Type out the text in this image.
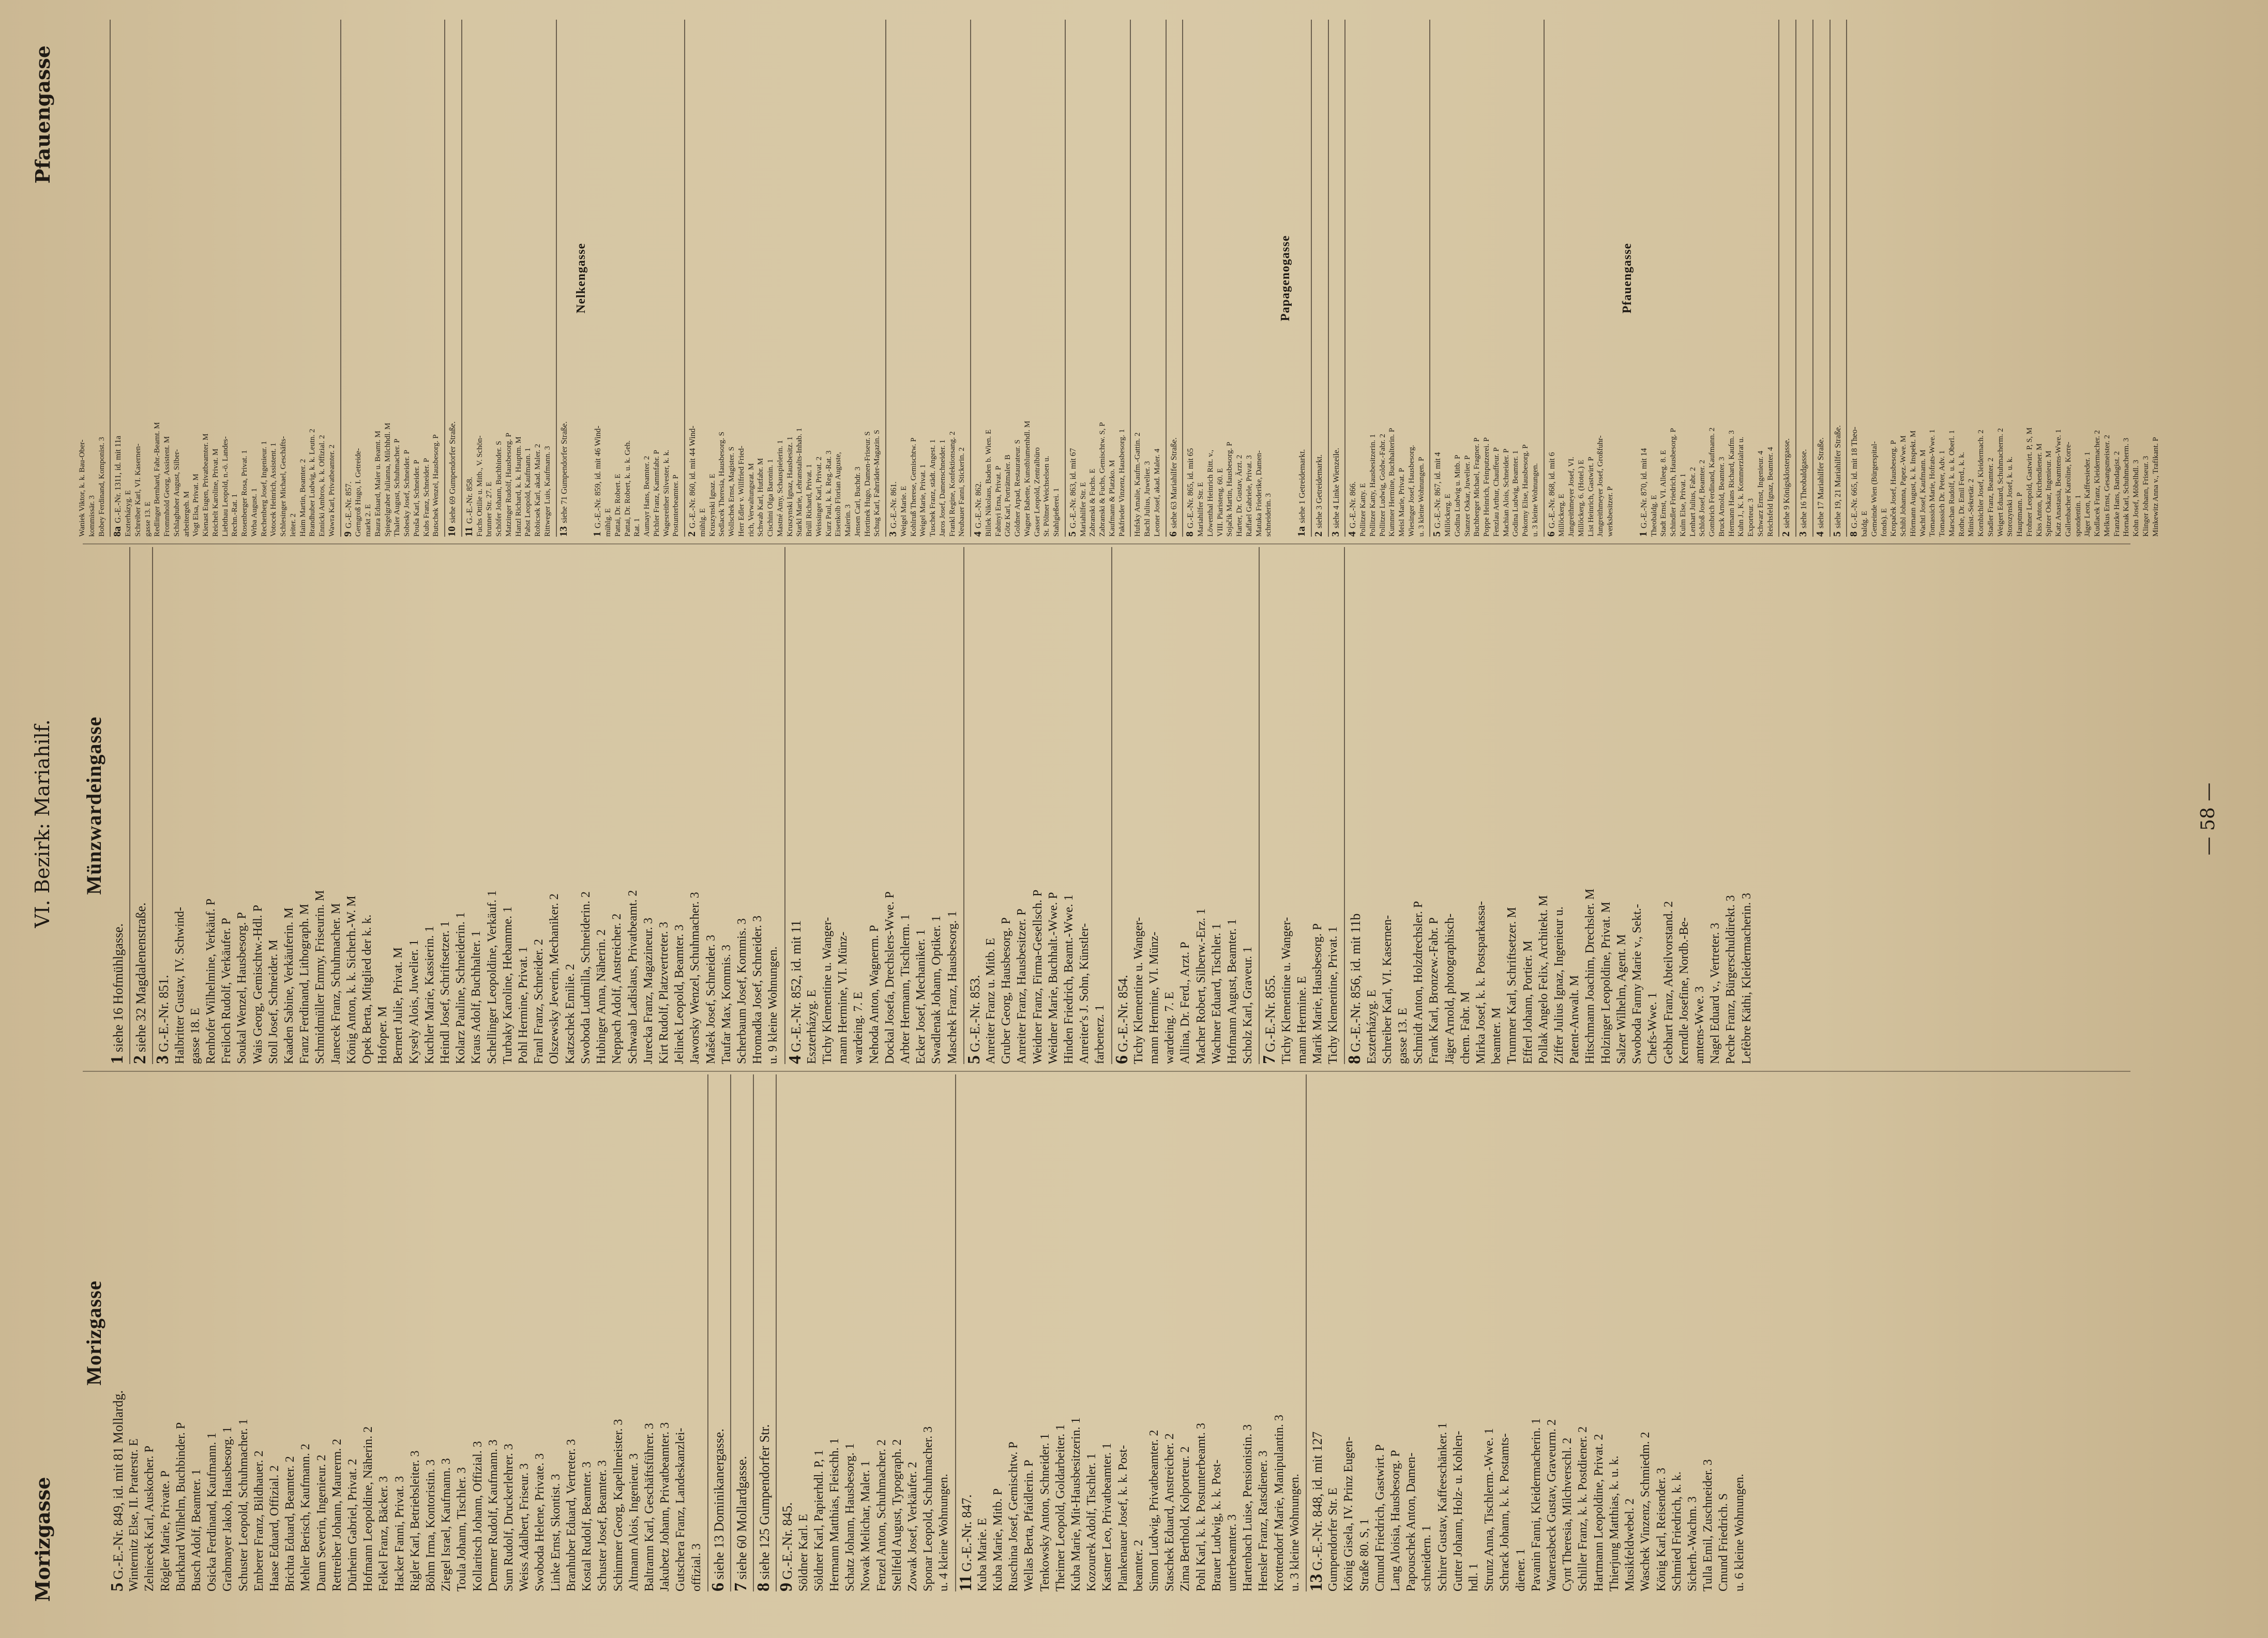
Morizgasse
VI. Bezirk: Mariahilf.
Pfauengasse
Morizgasse
5G.-E.-Nr. 849, id. mit 81 Mollardg. Winternitz Else, II. Praterstr. E Zelniecek Karl, Auskocher. P Rögler Marie, Private. P Burkhard Wilhelm, Buchbinder. P Busch Adolf, Beamter. 1 Osicka Ferdinand, Kaufmann. 1 Grabmayer Jakob, Hausbesorg. 1 Schuster Leopold, Schuhmacher. 1 Emberer Franz, Bildhauer. 2 Haase Eduard, Offizial. 2 Brichta Eduard, Beamter. 2 Mehler Berisch, Kaufmann. 2 Daum Severin, Ingenieur. 2 Rettreiber Johann, Maurerm. 2 Dürheim Gabriel, Privat. 2 Hofmann Leopoldine, Näherin. 2 Felkel Franz, Bäcker. 3 Hacker Fanni, Privat. 3 Rigler Karl, Betriebsleiter. 3 Böhm Irma, Kontoristin. 3 Ziegel Israel, Kaufmann. 3 Toula Johann, Tischler. 3 Kollaritsch Johann, Offizial. 3 Demmer Rudolf, Kaufmann. 3 Sum Rudolf, Druckerlehrer. 3 Weiss Adalbert, Friseur. 3 Swoboda Helene, Private. 3 Linke Ernst, Skontist. 3 Branhuber Eduard, Vertreter. 3 Kostal Rudolf, Beamter. 3 Schuster Josef, Beamter. 3 Schimmer Georg, Kapellmeister. 3 Altmann Alois, Ingenieur. 3 Baltramn Karl, Geschäftsführer. 3 Jakubetz Johann, Privatbeamter. 3 Gutschera Franz, Landeskanzlei- offizial. 3 6siehe 13 Dominikanergasse.
7siehe 60 Mollardgasse.
8siehe 125 Gumpendorfer Str.
9G.-E.-Nr. 845. Söldner Karl. E Söldner Karl, Papierhdl. P, 1 Hermann Matthias, Fleischh. 1 Schatz Johann, Hausbesorg. 1 Nowak Melichar, Maler. 1 Fenzel Anton, Schuhmacher. 2 Stellfeld August, Typograph. 2 Zowak Josef, Verkäufer. 2 Sponar Leopold, Schuhmacher. 3 u. 4 kleine Wohnungen. 11G.-E.-Nr. 847. Kuba Marie. E Kuba Marie, Mitb. P Ruschina Josef, Gemischtw. P Wellas Berta, Pfaidlerin. P Tenkowsky Anton, Schneider. 1 Theimer Leopold, Goldarbeiter. 1 Kuba Marie, Mit-Hausbesitzerin. 1 Kozourek Adolf, Tischler. 1 Kastner Leo, Privatbeamter. 1 Plankenauer Josef, k. k. Post- beamter. 2 Simon Ludwig, Privatbeamter. 2 Staschek Eduard, Anstreicher. 2 Zima Berthold, Kolporteur. 2 Pohl Karl, k. k. Postunterbeamt. 3 Brauer Ludwig, k. k. Post- unterbeamter. 3 Hartenbach Luise, Pensionistin. 3 Hensler Franz, Ratsdiener. 3 Krottendorf Marie, Manipulantin. 3 u. 3 kleine Wohnungen. 13G.-E.-Nr. 848, id. mit 127 Gumpendorfer Str. E König Gisela, IV. Prinz Eugen- Straße 80. S, 1 Cmund Friedrich, Gastwirt. P Lang Aloisia, Hausbesorg. P Papouschek Anton, Damen- schneidern. 1 Schirer Gustav, Kaffeeschänker. 1 Gutter Johann, Holz- u. Kohlen- hdl. 1 Strunz Anna, Tischlerm.-Wwe. 1 Schrack Johann, k. k. Postamts- diener. 1 Pavanin Fanni, Kleidermacherin. 1 Wanerasbeck Gustav, Graveurm. 2 Cynt Theresia, Milchverschl. 2 Schiller Franz, k. k. Postdiener. 2 Hartmann Leopoldine, Privat. 2 Thierjung Matthias, k. u. k. Musikfeldwebel. 2 Waschek Vinzenz, Schmiedm. 2 König Karl, Reisender. 3 Schmied Friedrich, k. k. Sicherh.-Wachm. 3 Tulla Emil, Zuschneider. 3 Cmund Friedrich. S u. 6 kleine Wohnungen.
Münzwardeingasse
1siehe 16 Hofmühlgasse.
2siehe 32 Magdalenenstraße.
3G.-E.-Nr. 851. Halbritter Gustav, IV. Schwind- gasse 18. E Renhofer Wilhelmine, Verkäuf. P Freiloch Rudolf, Verkäufer. P Soukal Wenzel, Hausbesorg. P Wais Georg, Gemischtw.-Hdl. P Stoll Josef, Schneider. M Kaaden Sabine, Verkäuferin. M Franz Ferdinand, Lithograph. M Schmidmüller Emmy, Friseurin. M Janecek Franz, Schuhmacher. M König Anton, k. k. Sicherh.-W. M Opek Berta, Mitglied der k. k. Hofoper. M Bernert Julie, Privat. M Kysely Alois, Juwelier. 1 Kuchler Marie, Kassierin. 1 Heindl Josef, Schriftsetzer. 1 Kolarz Pauline, Schneiderin. 1 Kraus Adolf, Buchhalter. 1 Schellinger Leopoldine, Verkäuf. 1 Turbaky Karoline, Hebamme. 1 Pohl Hermine, Privat. 1 Franl Franz, Schneider. 2 Olszewsky Jeverin, Mechaniker. 2 Katzschek Emilie. 2 Swoboda Ludmilla, Schneiderin. 2 Hubinger Anna, Näherin. 2 Neppach Adolf, Anstreicher. 2 Schwaab Ladislaus, Privatbeamt. 2 Jurecka Franz, Magazineur. 3 Kirt Rudolf, Platzvertreter. 3 Jelinek Leopold, Beamter. 3 Jaworsky Wenzel, Schuhmacher. 3 Mašek Josef, Schneider. 3 Taufar Max, Kommis. 3 Scherbaum Josef, Kommis. 3 Hromadka Josef, Schneider. 3 u. 9 kleine Wohnungen. 4G.-E.-Nr. 852, id. mit 11 Eszterházyg. E Tichy Klementine u. Wanger- mann Hermine, VI. Münz- wardeing. 7. E Nehoda Anton, Wagnerm. P Dockal Josefa, Drechslers-Wwe. P Arbter Hermann, Tischlerm. 1 Ecker Josef, Mechaniker. 1 Swadlenak Johann, Optiker. 1 Maschek Franz, Hausbesorg. 1 5G.-E.-Nr. 853. Anreiter Franz u. Mitb. E Gruber Georg, Hausbesorg. P Anreiter Franz, Hausbesitzer. P Weidner Franz, Firma-Gesellsch. P Weidner Marie, Buchhalt.-Wwe. P Hinden Friedrich, Beamt.-Wwe. 1 Anreiter's J. Sohn, Künstler- farbenerz. 1 6G.-E.-Nr. 854. Tichy Klementine u. Wanger- mann Hermine, VI. Münz- wardeing. 7. E Allina, Dr. Ferd., Arzt. P Macher Robert, Silberw.-Erz. 1 Wachner Eduard, Tischler. 1 Hofmann August, Beamter. 1 Scholz Karl, Graveur. 1 7G.-E.-Nr. 855. Tichy Klementine u. Wanger- mann Hermine. E Marik Marie, Hausbesorg. P Tichy Klementine, Privat. 1 8G.-E.-Nr. 856, id. mit 11b Eszterházyg. E Schreiber Karl, VI. Kasernen- gasse 13. E Schmidt Anton, Holzdrechsler. P Frank Karl, Bronzew.-Fabr. P Jäger Arnold, photographisch- chem. Fabr. M Mirka Josef, k. k. Postsparkassa- beamter. M Trummer Karl, Schriftsetzer. M Efferl Johann, Portier. M Pollak Angelo Felix, Architekt. M Ziffer Julius Ignaz, Ingenieur u. Patent-Anwalt. M Hitschmann Joachim, Drechsler. M Holzinger Leopoldine, Privat. M Salzer Wilhelm, Agent. M Swoboda Fanny Marie v., Sekt.- Chefs-Wwe. 1 Gebhart Franz, Abteilvorstand. 2 Kerndle Josefine, Nordb.-Be- amtens-Wwe. 3 Nagel Eduard v., Vertreter. 3 Peche Franz, Bürgerschuldirekt. 3 Lefèbre Käthi, Kleidermacherin. 3
Waniek Viktor, k. k. Bau-Ober- kommissär. 3 Bobey Ferdinand, Komponist. 3 8aG.-E.-Nr. 1311, id. mit 11a Eszterházyg. E Schreiber Karl, VI. Kasernen- gasse 13. E Redlinger Bernhard, Fabr.-Beamt. M Frommhold Georg, Assistent. M Schlaghuber August, Silber- arbeitergeh. M Vogt Elsa, Privat. M Kienast Eugen, Privatbeamter. M Reichelt Karoline, Privat. M Liebthau Leopold, n.-ö. Landes- Rechn.-Rat. 1 Rosenberger Rosa, Privat. 1 Wrba August. 1 Rechenberg Josef, Ingenieur. 1 Votocek Heinrich, Assistent. 1 Schlesinger Michael, Geschäfts- leiter. 2 Haim Martin, Beamter. 2 Brandhuber Ludwig, k. k. Leutn. 2 Ennicki Ambros, k. k. Offizial. 2 Wawra Karl, Privatbeamter. 2 9G.-E.-Nr. 857. Gerngroß Hugo, I. Getreide- markt 2. E Baura Eduard, Maler u. Beamt. M Spiegelgraber Julianna, Milchhdl. M Thaler August, Schuhmacher. P Sobesky Josef, Schneider. P Pouša Karl, Schneider. P Kubs Franz, Schneider. P Butschek Wenzel, Hausbesorg. P 10siehe 69 Gumpendorfer Straße.
11G.-E.-Nr. 858. Fuchs Ottilie u. Mitb., V. Schön- brunner Str. 27. E Schöfer Johann, Buchbinder. S Matzinger Rudolf, Hausbesorg. P Hanzl Richard, k. k. Hauptm. M Pabst Leopold, Kaufmann. 1 Robicsek Karl, akad. Maler. 2 Rittweger Luis, Kaufmann. 3 13siehe 71 Gumpendorfer Straße.
Nelkengasse
1G.-E.-Nr. 859, id. mit 46 Wind- mühlg. E Pattai, Dr. Robert. E Pattai, Dr. Robert, k. u. k. Geh. Rat. 1 Aumayr Hans, Beamter. 2 Pichler Franz, Kammfabr. P Wagesreither Silvester, k. k. Postunterbeamter. P 2G.-E.-Nr. 860, id. mit 44 Wind- mühlg. E Kruszynski Ignaz. E Sedlacek Theresia, Hausbesorg. S Wollschek Ernst, Magister. S Herr Edler v. Willfried Fried- rich, Verwaltungsrat. M Schwab Karl, Hutfabr. M Cischini Olga Baronin. 1 Mastné Amy, Schauspielerin. 1 Kruszynski Ignaz, Hausbesitz. 1 Starkl Marie, Lehranstalts-Inhab. 1 Brüll Richard, Privat. 1 Weissinger Karl, Privat. 2 Kurz Paul, k. k. Reg.-Rat. 3 Eisenkolb Florian Auguste, Malerin. 3 Jensen Carl, Buchdr. 3 Hortinek Hugo, Damen-Friseur. S Schug Karl, Fahrräder-Magazin. S 3G.-E.-Nr. 861. Weigel Marie. E Kohlruß Therese, Gemischtw. P Weigel Marie, Privat. 1 Tuschek Franz, städt. Angest. 1 Jaros Josef, Damenschneider. 1 Frankl Regine, Konfektionsang. 2 Neubauer Fanni, Stickerin. 2 4G.-E.-Nr. 862. Billek Nikolaus, Baden b. Wien. E Fabinyi Erna, Privat. P Götz Karl, Porträtmaler. B Goldner Arpad, Restaurateur. S Wagner Babette, Kunstblumenhdl. M Gasser Leopold, Zentralbüro St. Pöltner Weichselsen u. Stahlgießerei. 1 5G.-E.-Nr. 863, id. mit 67 Mariahilfer Str. E Zabranski & Fuchs. E Zabranski & Fuchs, Gemischtw. S, P Kaufmann & Platzko. M Pakfrieder Vinzenz, Hausbesorg. 1 Hufsky Amalie, Kaufm.-Gattin. 2 Bachl Julius, Juwelier. 3 Leoner Josef, akad. Maler. 4 6siehe 63 Mariahilfer Straße.
8G.-E.-Nr. 865, id. mit 65 Mariahilfer Str. E Löwenthal Heinrich Ritt. v., VIII. Piaristeng. 60. E Sojačik Martin, Hausbesorg. P Harter, Dr. Gustav, Ärzt. 2 Raffael Gabriele, Privat. 3 Matuka Friederike, Damen- schneiderin. 3
Papagenogasse
1asiehe 1 Getreidemarkt.
2siehe 3 Getreidemarkt.
3siehe 4 Linke Wienzeile.
4G.-E.-Nr. 866. Pollitzer Katty. E Pollitzer Katty, Hausbesitzerin. 1 Pollitzer Ludwig, Goldw.-Fabr. 2 Kummer Hermine, Buchhalterin. P Meisl Marie, Privat. P Wiesinger Josef, Hausbesorg. u. 3 kleine Wohnungen. P 5G.-E.-Nr. 867, id. mit 4 Millöckerg. E Godina Ludwig u. Mitb. P Stanzer Oskar, Juwelier. P Buchberger Michael, Fragner. P Poppe Heinrich, Feinputzerei. P Fenzlau Arthur, Chauffeur. P Machian Alois, Schneider. P Godina Ludwig, Beamter. 1 Pokorny Elise, Hausbesorg. P u. 3 kleine Wohnungen. 6G.-E.-Nr. 868, id. mit 6 Millöckerg. E Jungreithmeyer Josef, VI. Millöckerg. 6. (Hotel.) E List Heinrich, Gastwirt. P Jungreithmeyer Josef, Großfuhr- werksbesitzer. P
Pfauengasse
1G.-E.-Nr. 870, id. mit 14 Theobaldg. E Stadt Ernst, VI. Alleeg. 8. E Schindler Friedrich, Hausbesorg. P Kulm Else, Privat. 1 Lenhart Julius, Fabr. 2 Schloß Josef, Beamter. 2 Gombrich Ferdinand, Kaufmann. 2 Bruck Arnold, Beamter. 3 Hermann Hans Richard, Kaufm. 3 Kuhn J., K. k. Kommerzialrat u. Exporteur. 3 Schwarz Ernst, Ingenieur. 4 Reichsfeld Ignaz, Beamter. 4 2siehe 9 Königsklostergasse.
3siehe 16 Theobaldgasse.
4siehe 17 Mariahilfer Straße.
5siehe 19, 21 Mariahilfer Straße.
8G.-E.-Nr. 665, id. mit 18 Theo- baldg. E Gemeinde Wien (Bürgerspital- fonds). E Kropaček Josef, Hausbesorg. P Schibl Johanna, Papez.-Wwe. M Hörmann August, k. k. Inspekt. M Wachtl Josef, Kaufmann. M Tomassich Marie, Hofrats-Wwe. 1 Tomassich Dr. Peter, Adv. 1 Marschan Rudolf, k. u. k. Oberl. 1 Rothe, Dr. Emil Ferd., k. k. Minist.-Sekretär. 2 Kornbichler Josef, Kleidermach. 2 Stadler Franz, Beamter. 2 Weigert Eduard, Schuhmacherm. 2 Storozynski Josef, k. u. k. Hauptmann. P Frohner Leopold, Gastwirt. P, S, M Kiss Anton, Kirchendiener. M Spitzer Oskar, Ingenieur. M Katz Anastasia, Beamtens-Wwe. 1 Gallenbacher Karoline, Korre- spondentin. 1 Jäger Leon, Kaffeesieder. 1 Kudlacek Franz, Kleidermacher. 2 Melkus Ernst, Gesangsmeister. 2 Franzke Hans, Bandagist. 2 Hornak Karl, Schuhmacherm. 3 Kohn Josef, Möbelhdl. 3 Klinger Johann, Friseur. 3 Minkewitz Anna v., Trafikant. P
— 58 —
